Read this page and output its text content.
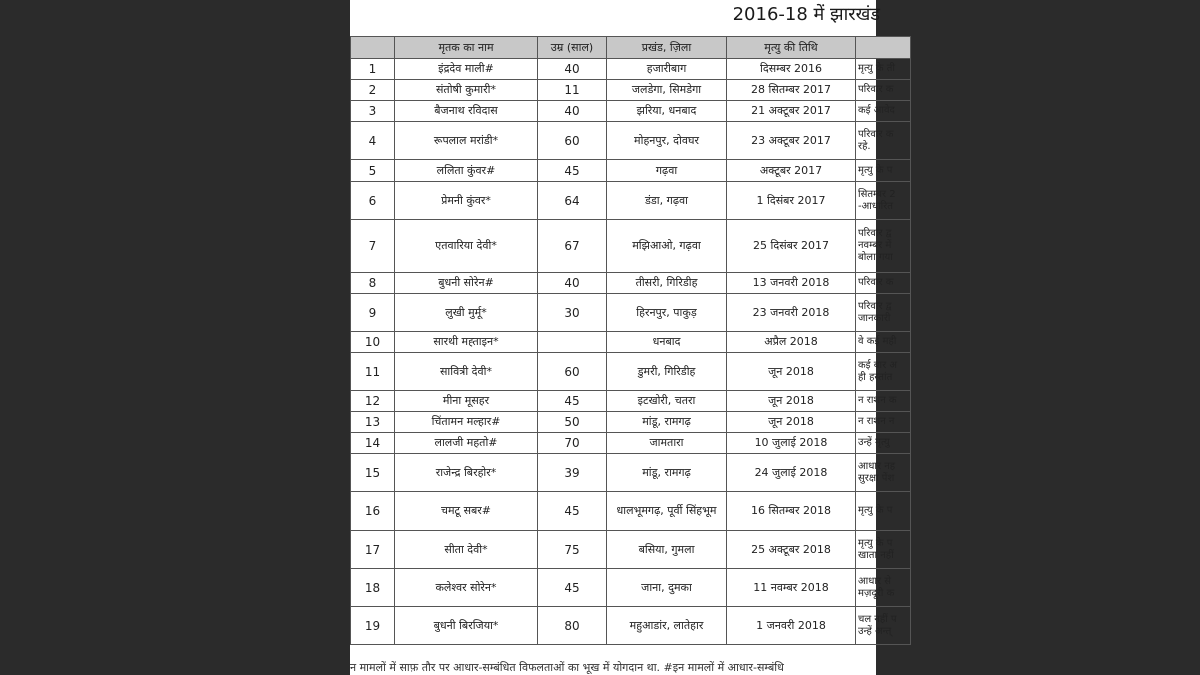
2016-18 में झारखंड
	मृतक का नाम	उम्र (साल)	प्रखंड, ज़िला	मृत्यु की तिथि	
1	इंद्रदेव माली#	40	हजारीबाग	दिसम्बर 2016	मृत्यु के ती
2	संतोषी कुमारी*	11	जलडेगा, सिमडेगा	28 सितम्बर 2017	परिवार क
3	बैजनाथ रविदास	40	झरिया, धनबाद	21 अक्टूबर 2017	कई आवेद
4	रूपलाल मरांडी*	60	मोहनपुर, दोवघर	23 अक्टूबर 2017	परिवार क रहे.
5	ललिता कुंवर#	45	गढ़वा	अक्टूबर 2017	मृत्यु के प
6	प्रेमनी कुंवर*	64	डंडा, गढ़वा	1 दिसंबर 2017	सितम्बर 2 -आधारित
7	एतवारिया देवी*	67	मझिआओ, गढ़वा	25 दिसंबर 2017	परिवार द्व नवम्बर में बोला गया
8	बुधनी सोरेन#	40	तीसरी, गिरिडीह	13 जनवरी 2018	परिवार क
9	लुखी मुर्मू*	30	हिरनपुर, पाकुड़	23 जनवरी 2018	परिवार द्व जानकारी
10	सारथी मह्ताइन*		धनबाद	अप्रैल 2018	वे कई मही
11	सावित्री देवी*	60	डुमरी, गिरिडीह	जून 2018	कई बार अ ही हस्तांत
12	मीना मूसहर	45	इटखोरी, चतरा	जून 2018	न राशन क
13	चिंतामन मल्हार#	50	मांडू, रामगढ़	जून 2018	न राशन न
14	लालजी महतो#	70	जामतारा	10 जुलाई 2018	उन्हें मृत्यु
15	राजेन्द्र बिरहोर*	39	मांडू, रामगढ़	24 जुलाई 2018	आधार नह सुरक्षा पेंश
16	चमटू सबर#	45	धालभूमगढ़, पूर्वी सिंहभूम	16 सितम्बर 2018	मृत्यु के प
17	सीता देवी*	75	बसिया, गुमला	25 अक्टूबर 2018	मृत्यु के प खाता नहीं
18	कलेश्वर सोरेन*	45	जाना, दुमका	11 नवम्बर 2018	आधार से मज़दूरी क
19	बुधनी बिरजिया*	80	महुआडांर, लातेहार	1 जनवरी 2018	चल नहीं प उन्हें अन्त्
न मामलों में साफ़ तौर पर आधार-सम्बंधित विफलताओं का भूख में योगदान था. #इन मामलों में आधार-सम्बंधि
